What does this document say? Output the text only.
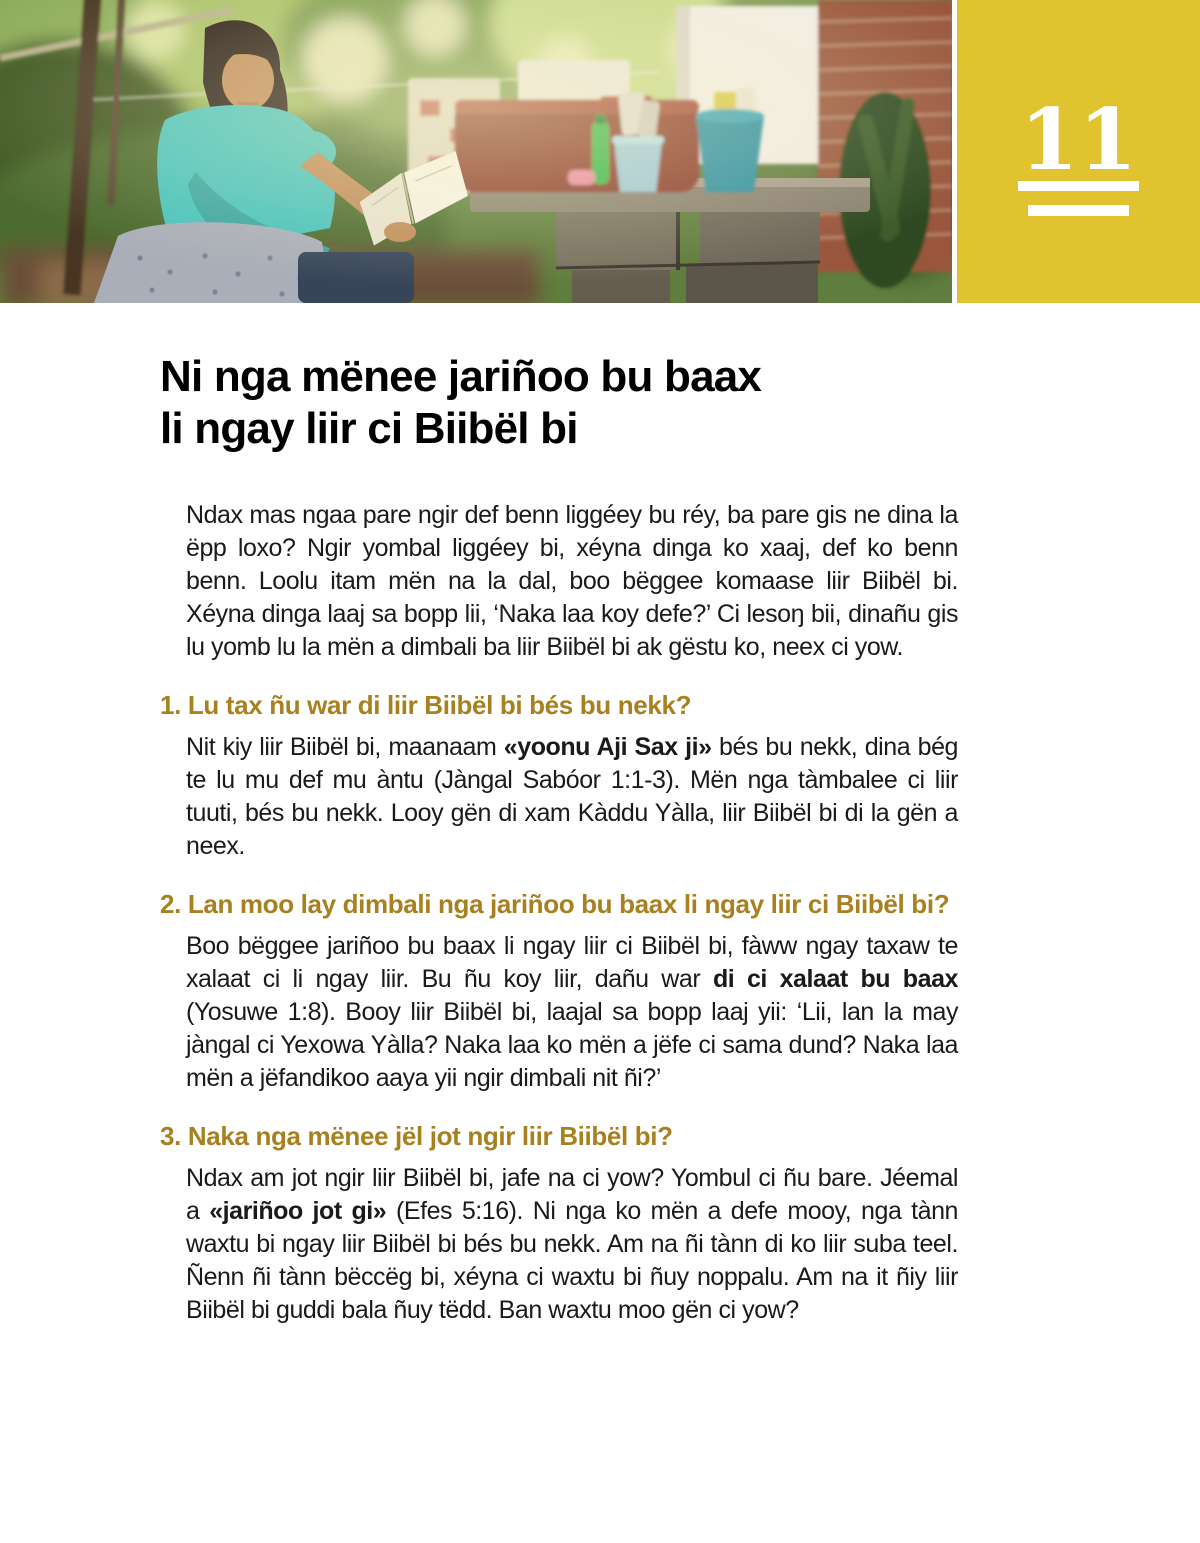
11
Ni nga mënee jariñoo bu baax
li ngay liir ci Biibël bi

Ndax mas ngaa pare ngir def benn liggéey bu réy, ba pare gis ne dina la ëpp loxo? Ngir yombal liggéey bi, xéyna dinga ko xaaj, def ko benn benn. Loolu itam mën na la dal, boo bëggee komaase liir Biibël bi. Xéyna dinga laaj sa bopp lii, ‘Naka laa koy defe?’ Ci lesoŋ bii, dinañu gis lu yomb lu la mën a dimbali ba liir Biibël bi ak gëstu ko, neex ci yow.

1. Lu tax ñu war di liir Biibël bi bés bu nekk?

Nit kiy liir Biibël bi, maanaam «yoonu Aji Sax ji» bés bu nekk, dina bég te lu mu def mu àntu (Jàngal Sabóor 1:1-3). Mën nga tàmbalee ci liir tuuti, bés bu nekk. Looy gën di xam Kàddu Yàlla, liir Biibël bi di la gën a neex.

2. Lan moo lay dimbali nga jariñoo bu baax li ngay liir ci Biibël bi?

Boo bëggee jariñoo bu baax li ngay liir ci Biibël bi, fàww ngay taxaw te xalaat ci li ngay liir. Bu ñu koy liir, dañu war di ci xalaat bu baax (Yosuwe 1:8). Booy liir Biibël bi, laajal sa bopp laaj yii: ‘Lii, lan la may jàngal ci Yexowa Yàlla? Naka laa ko mën a jëfe ci sama dund? Naka laa mën a jëfandikoo aaya yii ngir dimbali nit ñi?’

3. Naka nga mënee jël jot ngir liir Biibël bi?

Ndax am jot ngir liir Biibël bi, jafe na ci yow? Yombul ci ñu bare. Jéemal a «jariñoo jot gi» (Efes 5:16). Ni nga ko mën a defe mooy, nga tànn waxtu bi ngay liir Biibël bi bés bu nekk. Am na ñi tànn di ko liir suba teel. Ñenn ñi tànn bëccëg bi, xéyna ci waxtu bi ñuy noppalu. Am na it ñiy liir Biibël bi guddi bala ñuy tëdd. Ban waxtu moo gën ci yow?
